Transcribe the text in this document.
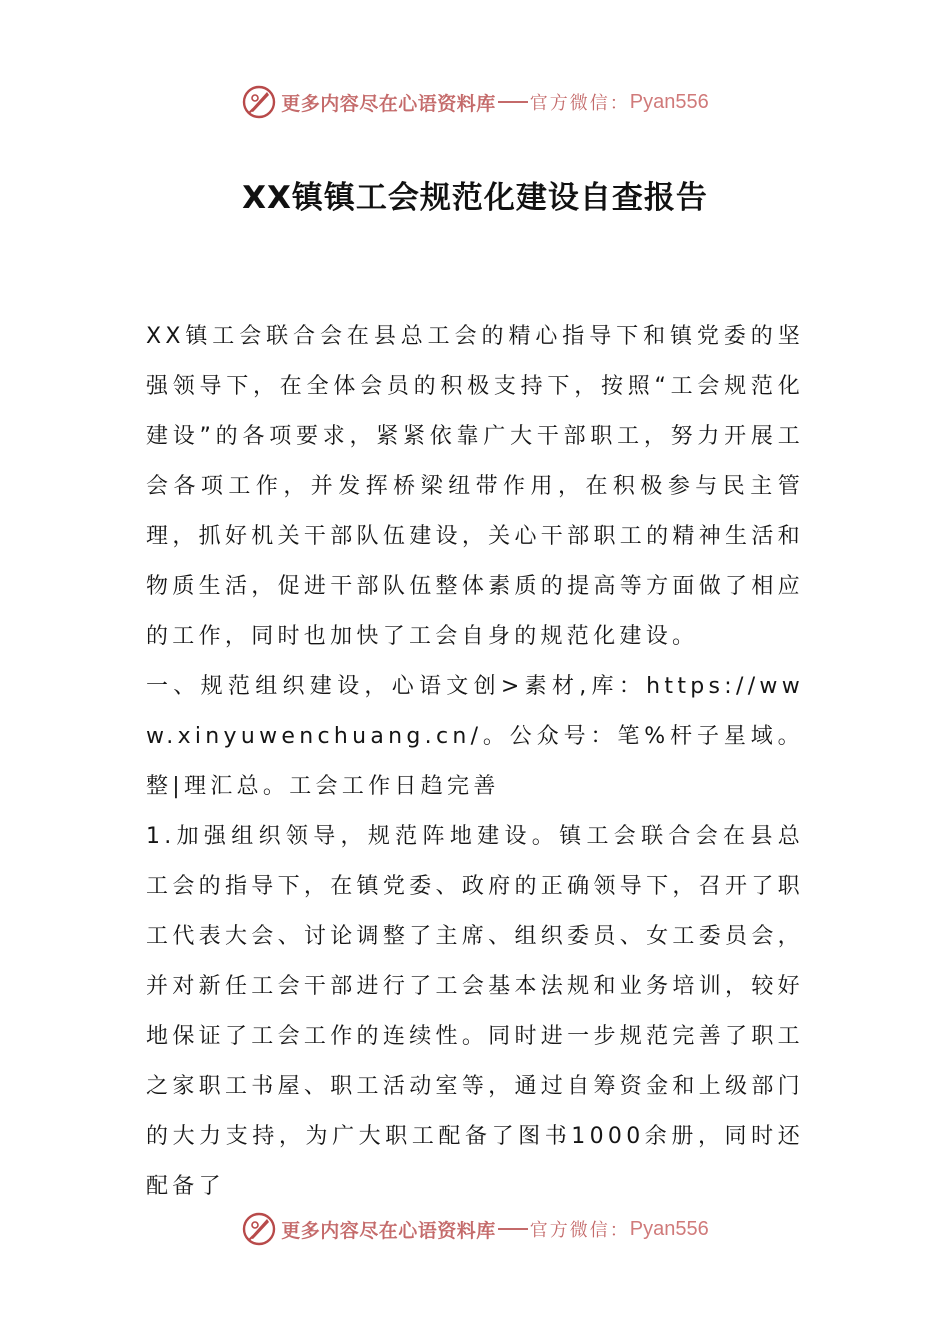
更多内容尽在心语资料库 官方微信： Pyan556
XX镇镇工会规范化建设自查报告

XX镇工会联合会在县总工会的精心指导下和镇党委的坚强领导下，在全体会员的积极支持下，按照“工会规范化建设”的各项要求，紧紧依靠广大干部职工，努力开展工会各项工作，并发挥桥梁纽带作用，在积极参与民主管理，抓好机关干部队伍建设，关心干部职工的精神生活和物质生活，促进干部队伍整体素质的提高等方面做了相应的工作，同时也加快了工会自身的规范化建设。

一、规范组织建设，心语文创>素材,库：https://www.xinyuwenchuang.cn/。公众号：笔%杆子星域。整|理汇总。工会工作日趋完善

1.加强组织领导，规范阵地建设。镇工会联合会在县总工会的指导下，在镇党委、政府的正确领导下，召开了职工代表大会、讨论调整了主席、组织委员、女工委员会，并对新任工会干部进行了工会基本法规和业务培训，较好地保证了工会工作的连续性。同时进一步规范完善了职工之家职工书屋、职工活动室等，通过自筹资金和上级部门的大力支持，为广大职工配备了图书1000余册，同时还配备了

更多内容尽在心语资料库 官方微信： Pyan556
